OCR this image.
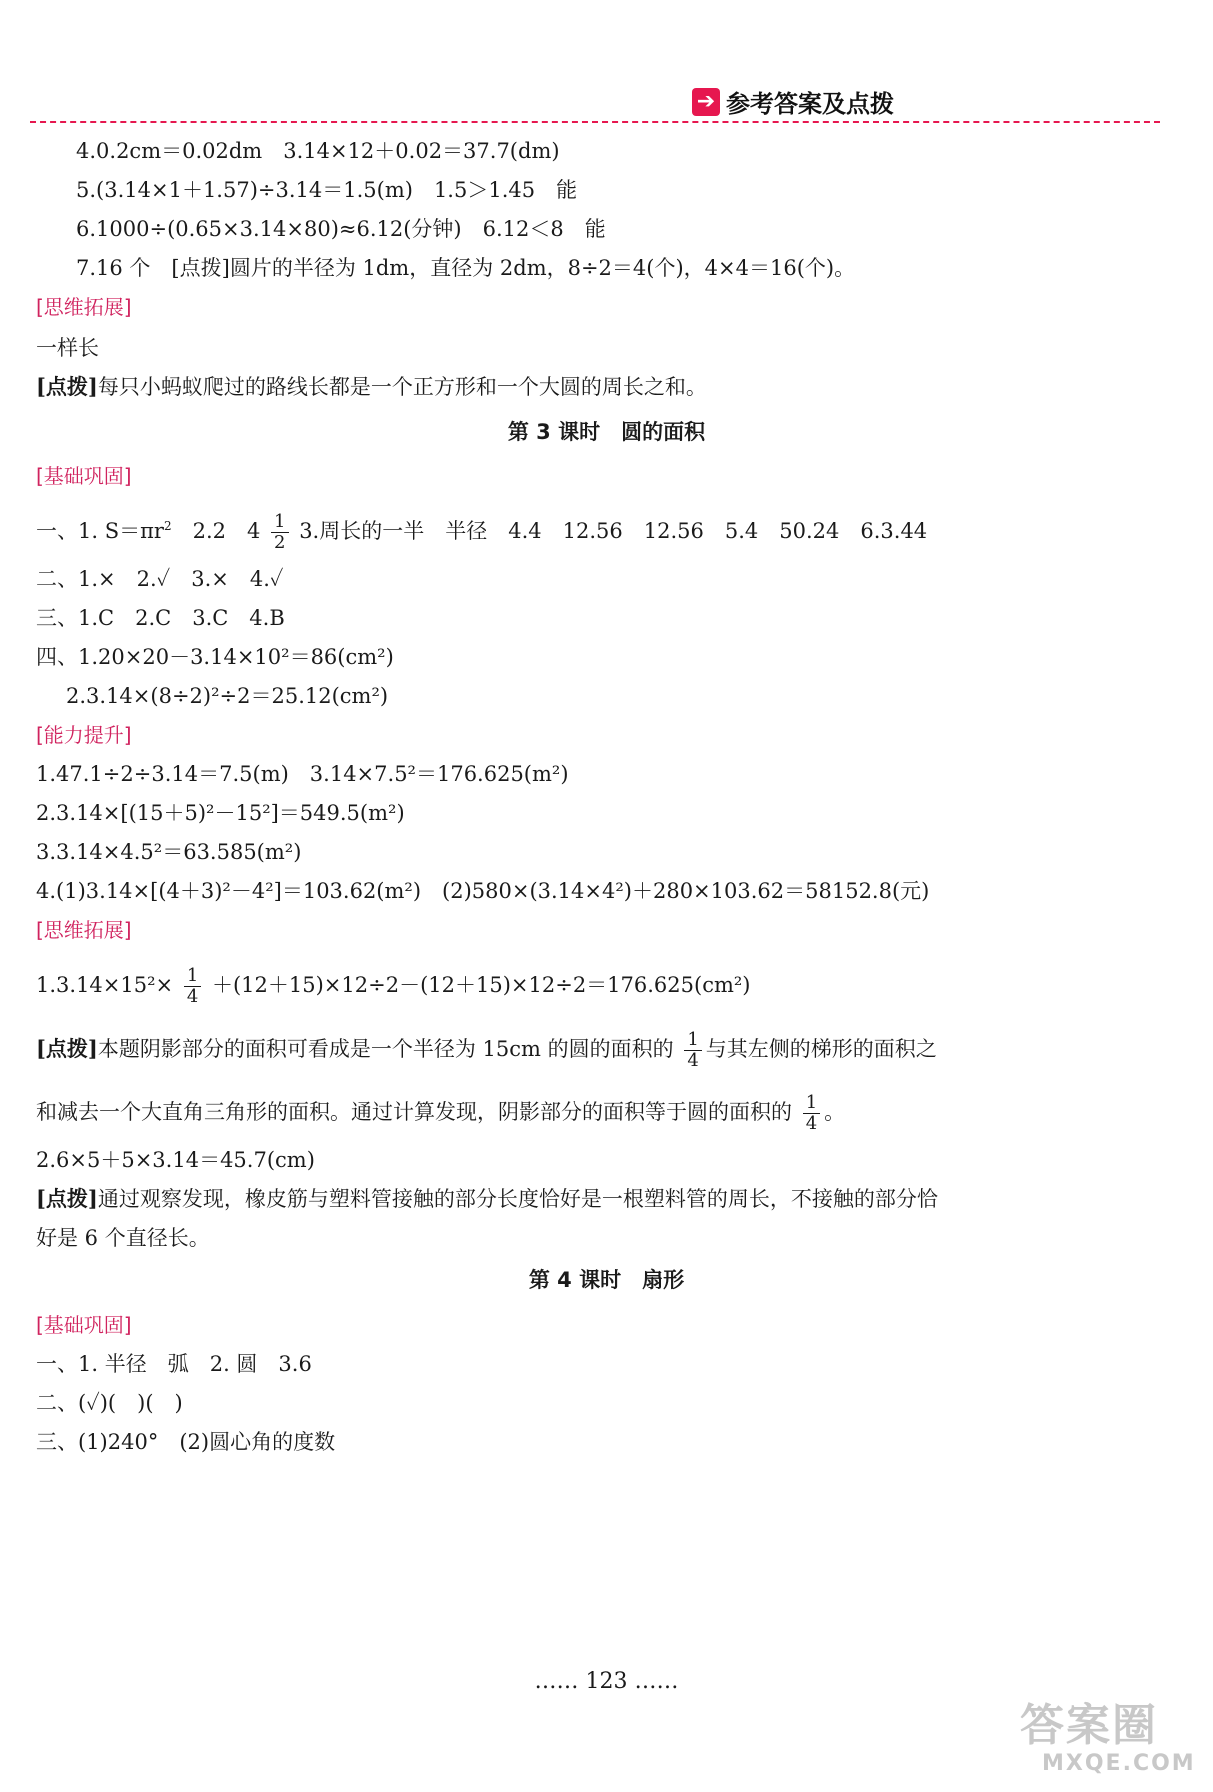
➔ 参考答案及点拨
4.0.2cm＝0.02dm　3.14×12＋0.02＝37.7(dm)
5.(3.14×1＋1.57)÷3.14＝1.5(m)　1.5＞1.45　能
6.1000÷(0.65×3.14×80)≈6.12(分钟)　6.12＜8　能
7.16 个　[点拨]圆片的半径为 1dm，直径为 2dm，8÷2＝4(个)，4×4＝16(个)。
[思维拓展]
一样长
[点拨]每只小蚂蚁爬过的路线长都是一个正方形和一个大圆的周长之和。
第 3 课时　圆的面积
[基础巩固]
一、1. $S=\pi r^2$　2.2　$4 \frac{1}{2} 3$.周长的一半　半径　4.4　12.56　12.56　5.4　50.24　6.3.44
二、1.×　2.✓　3.×　4.✓
三、1.C　2.C　3.C　4.B
四、1.20×20－3.14×10²＝86(cm²)
2.3.14×(8÷2)²÷2＝25.12(cm²)
[能力提升]
1.47.1÷2÷3.14＝7.5(m)　3.14×7.5²＝176.625(m²)
2.3.14×[(15＋5)²－15²]＝549.5(m²)
3.3.14×4.5²＝63.585(m²)
4.(1)3.14×[(4＋3)²－4²]＝103.62(m²)　(2)580×(3.14×4²)＋280×103.62＝58152.8(元)
[思维拓展]
$1.3.14\times 15^2\times \frac{1}{4} +(12+15)\times 12\div 2-(12+15)\times 12\div 2=176.625(cm^2)$
[点拨]本题阴影部分的面积可看成是一个半径为 15cm 的圆的面积的 $\frac{1}{4}$ 与其左侧的梯形的面积之
和减去一个大直角三角形的面积。通过计算发现，阴影部分的面积等于圆的面积的 $\frac{1}{4}$ 。
2.6×5＋5×3.14＝45.7(cm)
[点拨]通过观察发现，橡皮筋与塑料管接触的部分长度恰好是一根塑料管的周长，不接触的部分恰
好是 6 个直径长。
第 4 课时　扇形
[基础巩固]
一、1. 半径　弧　2. 圆　3.6
二、(✓)(　)(　)
三、(1)240°　(2)圆心角的度数
…… 123 ……
答案圈
MXQE.COM
